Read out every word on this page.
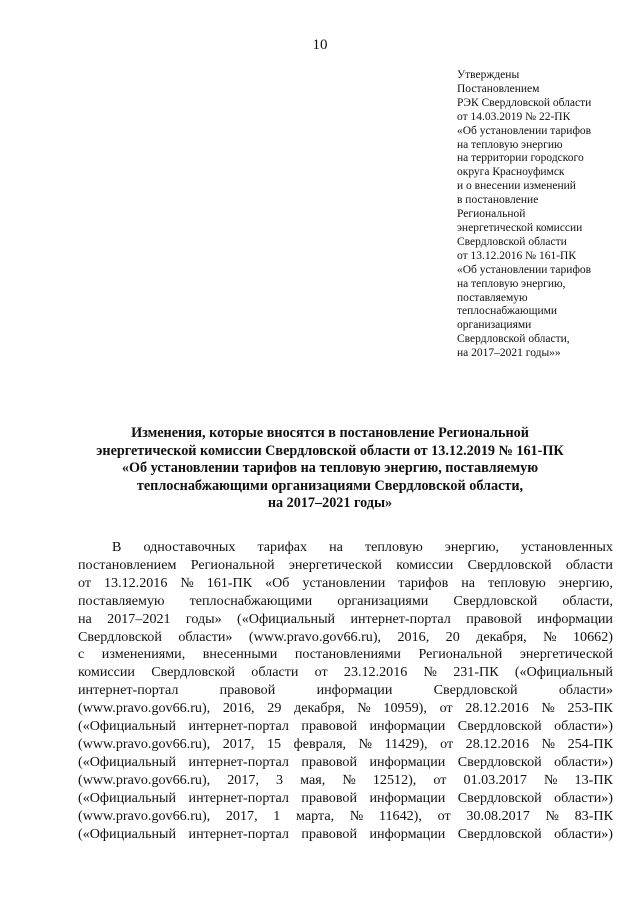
10
Утверждены
Постановлением
РЭК Свердловской области
от 14.03.2019 № 22-ПК
«Об установлении тарифов
на тепловую энергию
на территории городского
округа Красноуфимск
и о внесении изменений
в постановление
Региональной
энергетической комиссии
Свердловской области
от 13.12.2016 № 161-ПК
«Об установлении тарифов
на тепловую энергию,
поставляемую
теплоснабжающими
организациями
Свердловской области,
на 2017–2021 годы»»
Изменения, которые вносятся в постановление Региональной
энергетической комиссии Свердловской области от 13.12.2019 № 161-ПК
«Об установлении тарифов на тепловую энергию, поставляемую
теплоснабжающими организациями Свердловской области,
на 2017–2021 годы»
В одноставочных тарифах на тепловую энергию, установленных
постановлением Региональной энергетической комиссии Свердловской области
от 13.12.2016 № 161-ПК «Об установлении тарифов на тепловую энергию,
поставляемую теплоснабжающими организациями Свердловской области,
на 2017–2021 годы» («Официальный интернет-портал правовой информации
Свердловской области» (www.pravo.gov66.ru), 2016, 20 декабря, № 10662)
с изменениями, внесенными постановлениями Региональной энергетической
комиссии Свердловской области от 23.12.2016 № 231-ПК («Официальный
интернет-портал	правовой	информации	Свердловской	области»
(www.pravo.gov66.ru), 2016, 29 декабря, № 10959), от 28.12.2016 № 253-ПК
(«Официальный интернет-портал правовой информации Свердловской области»)
(www.pravo.gov66.ru), 2017, 15 февраля, № 11429), от 28.12.2016 № 254-ПК
(«Официальный интернет-портал правовой информации Свердловской области»)
(www.pravo.gov66.ru), 2017, 3 мая, № 12512), от 01.03.2017 № 13-ПК
(«Официальный интернет-портал правовой информации Свердловской области»)
(www.pravo.gov66.ru), 2017, 1 марта, № 11642), от 30.08.2017 № 83-ПК
(«Официальный интернет-портал правовой информации Свердловской области»)
